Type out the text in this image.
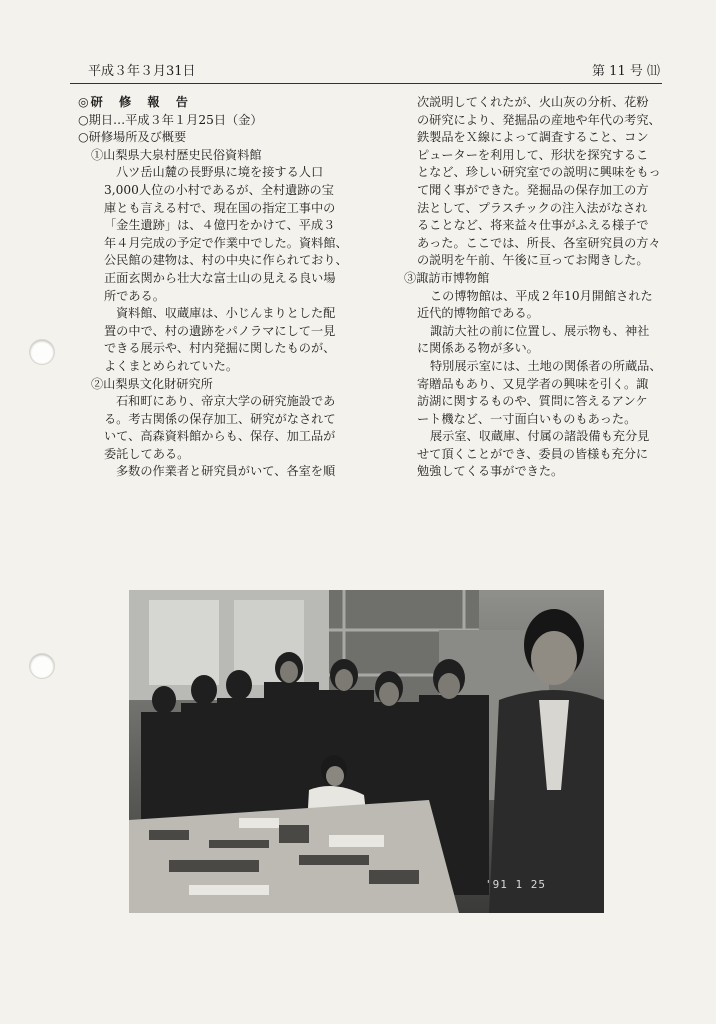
平成３年３月31日	第 11 号 ⑾
◎研　修　報　告
○期日…平成３年１月25日（金）
○研修場所及び概要
①山梨県大泉村歴史民俗資料館
八ツ岳山麓の長野県に境を接する人口
3,000人位の小村であるが、全村遺跡の宝
庫とも言える村で、現在国の指定工事中の
「金生遺跡」は、４億円をかけて、平成３
年４月完成の予定で作業中でした。資料館、
公民館の建物は、村の中央に作られており、
正面玄関から壮大な富士山の見える良い場
所である。
資料館、収蔵庫は、小じんまりとした配
置の中で、村の遺跡をパノラマにして一見
できる展示や、村内発掘に関したものが、
よくまとめられていた。
②山梨県文化財研究所
石和町にあり、帝京大学の研究施設であ
る。考古関係の保存加工、研究がなされて
いて、高森資料館からも、保存、加工品が
委託してある。
多数の作業者と研究員がいて、各室を順
次説明してくれたが、火山灰の分析、花粉
の研究により、発掘品の産地や年代の考究、
鉄製品をＸ線によって調査すること、コン
ピューターを利用して、形状を探究するこ
となど、珍しい研究室での説明に興味をもっ
て聞く事ができた。発掘品の保存加工の方
法として、プラスチックの注入法がなされ
ることなど、将来益々仕事がふえる様子で
あった。ここでは、所長、各室研究員の方々
の説明を午前、午後に亘ってお聞きした。
③諏訪市博物館
この博物館は、平成２年10月開館された
近代的博物館である。
諏訪大社の前に位置し、展示物も、神社
に関係ある物が多い。
特別展示室には、土地の関係者の所蔵品、
寄贈品もあり、又見学者の興味を引く。諏
訪湖に関するものや、質問に答えるアンケ
ート機など、一寸面白いものもあった。
展示室、収蔵庫、付属の諸設備も充分見
せて頂くことができ、委員の皆様も充分に
勉強してくる事ができた。
'91 1 25
